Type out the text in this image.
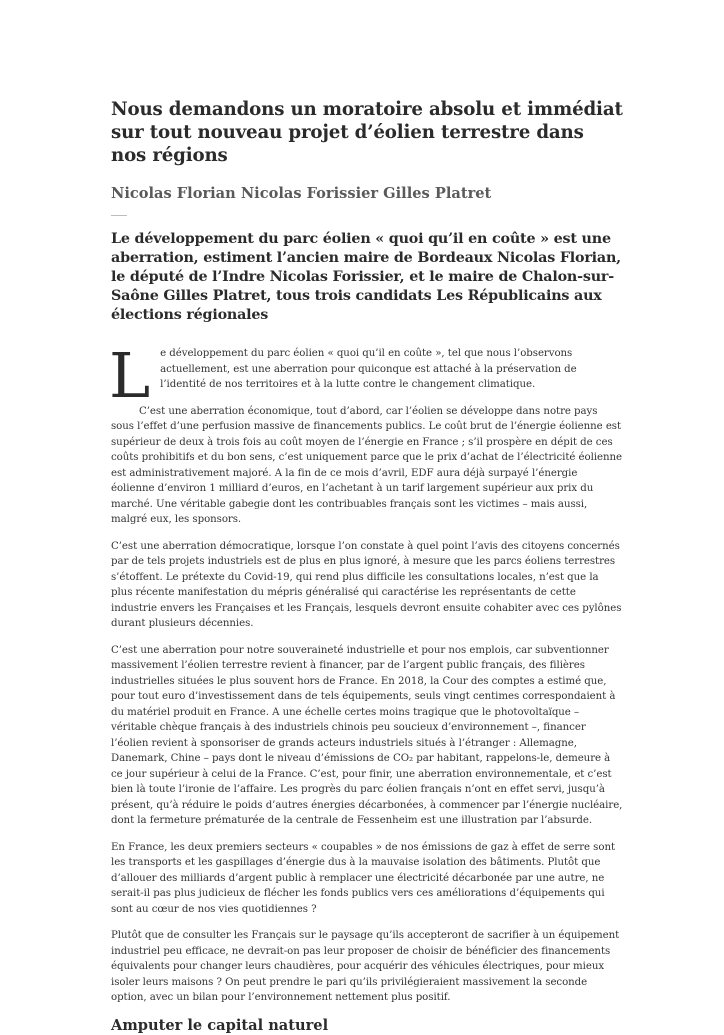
Nous demandons un moratoire absolu et immédiat sur tout nouveau projet d’éolien terrestre dans nos régions
Nicolas Florian Nicolas Forissier Gilles Platret
Le développement du parc éolien « quoi qu’il en coûte » est une aberration, estiment l’ancien maire de Bordeaux Nicolas Florian, le député de l’Indre Nicolas Forissier, et le maire de Chalon-sur-Saône Gilles Platret, tous trois candidats Les Républicains aux élections régionales

Le développement du parc éolien « quoi qu’il en coûte », tel que nous l’observons actuellement, est une aberration pour quiconque est attaché à la préservation de l’identité de nos territoires et à la lutte contre le changement climatique.

C’est une aberration économique, tout d’abord, car l’éolien se développe dans notre pays sous l’effet d’une perfusion massive de financements publics. Le coût brut de l’énergie éolienne est supérieur de deux à trois fois au coût moyen de l’énergie en France ; s’il prospère en dépit de ces coûts prohibitifs et du bon sens, c’est uniquement parce que le prix d’achat de l’électricité éolienne est administrativement majoré. A la fin de ce mois d’avril, EDF aura déjà surpayé l’énergie éolienne d’environ 1 milliard d’euros, en l’achetant à un tarif largement supérieur aux prix du marché. Une véritable gabegie dont les contribuables français sont les victimes – mais aussi, malgré eux, les sponsors.

C’est une aberration démocratique, lorsque l’on constate à quel point l’avis des citoyens concernés par de tels projets industriels est de plus en plus ignoré, à mesure que les parcs éoliens terrestres s’étoffent. Le prétexte du Covid-19, qui rend plus difficile les consultations locales, n’est que la plus récente manifestation du mépris généralisé qui caractérise les représentants de cette industrie envers les Françaises et les Français, lesquels devront ensuite cohabiter avec ces pylônes durant plusieurs décennies.

C’est une aberration pour notre souveraineté industrielle et pour nos emplois, car subventionner massivement l’éolien terrestre revient à financer, par de l’argent public français, des filières industrielles situées le plus souvent hors de France. En 2018, la Cour des comptes a estimé que, pour tout euro d’investissement dans de tels équipements, seuls vingt centimes correspondaient à du matériel produit en France. A une échelle certes moins tragique que le photovoltaïque – véritable chèque français à des industriels chinois peu soucieux d’environnement –, financer l’éolien revient à sponsoriser de grands acteurs industriels situés à l’étranger : Allemagne, Danemark, Chine – pays dont le niveau d’émissions de CO₂ par habitant, rappelons-le, demeure à ce jour supérieur à celui de la France. C’est, pour finir, une aberration environnementale, et c’est bien là toute l’ironie de l’affaire. Les progrès du parc éolien français n’ont en effet servi, jusqu’à présent, qu’à réduire le poids d’autres énergies décarbonées, à commencer par l’énergie nucléaire, dont la fermeture prématurée de la centrale de Fessenheim est une illustration par l’absurde.

En France, les deux premiers secteurs « coupables » de nos émissions de gaz à effet de serre sont les transports et les gaspillages d’énergie dus à la mauvaise isolation des bâtiments. Plutôt que d’allouer des milliards d’argent public à remplacer une électricité décarbonée par une autre, ne serait-il pas plus judicieux de flécher les fonds publics vers ces améliorations d’équipements qui sont au cœur de nos vies quotidiennes ?

Plutôt que de consulter les Français sur le paysage qu’ils accepteront de sacrifier à un équipement industriel peu efficace, ne devrait-on pas leur proposer de choisir de bénéficier des financements équivalents pour changer leurs chaudières, pour acquérir des véhicules électriques, pour mieux isoler leurs maisons ? On peut prendre le pari qu’ils privilégieraient massivement la seconde option, avec un bilan pour l’environnement nettement plus positif.

Amputer le capital naturel
